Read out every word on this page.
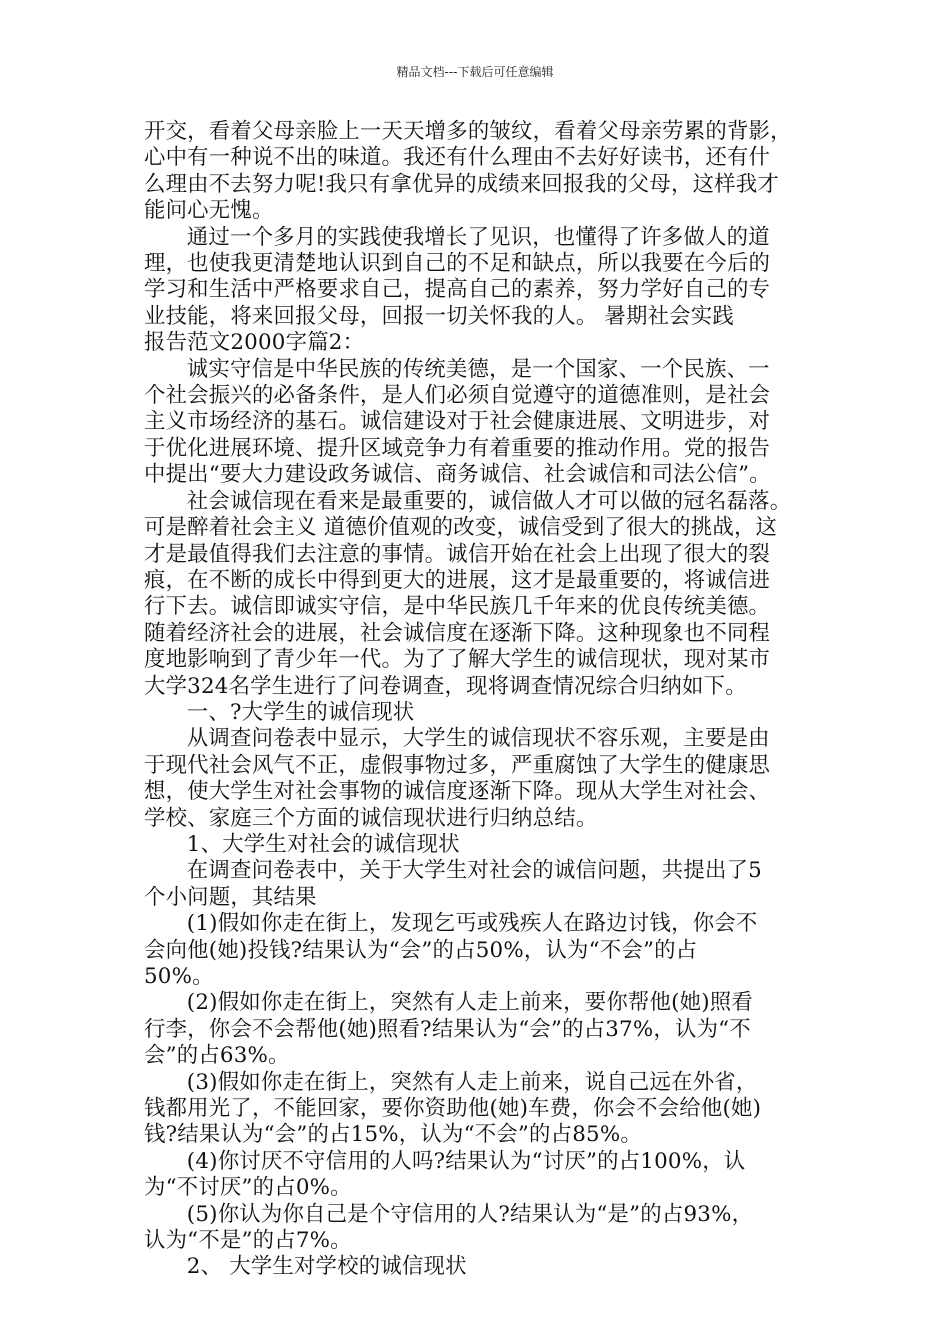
精品文档---下载后可任意编辑
开交，看着父母亲脸上一天天增多的皱纹，看着父母亲劳累的背影，
心中有一种说不出的味道。我还有什么理由不去好好读书，还有什
么理由不去努力呢!我只有拿优异的成绩来回报我的父母，这样我才
能问心无愧。
通过一个多月的实践使我增长了见识，也懂得了许多做人的道
理，也使我更清楚地认识到自己的不足和缺点，所以我要在今后的
学习和生活中严格要求自己，提高自己的素养，努力学好自己的专
业技能，将来回报父母，回报一切关怀我的人。 暑期社会实践
报告范文2000字篇2：
诚实守信是中华民族的传统美德，是一个国家、一个民族、一
个社会振兴的必备条件，是人们必须自觉遵守的道德准则，是社会
主义市场经济的基石。诚信建设对于社会健康进展、文明进步，对
于优化进展环境、提升区域竞争力有着重要的推动作用。党的报告
中提出“要大力建设政务诚信、商务诚信、社会诚信和司法公信”。
社会诚信现在看来是最重要的，诚信做人才可以做的冠名磊落。
可是醉着社会主义 道德价值观的改变，诚信受到了很大的挑战，这
才是最值得我们去注意的事情。诚信开始在社会上出现了很大的裂
痕，在不断的成长中得到更大的进展，这才是最重要的，将诚信进
行下去。诚信即诚实守信，是中华民族几千年来的优良传统美德。
随着经济社会的进展，社会诚信度在逐渐下降。这种现象也不同程
度地影响到了青少年一代。为了了解大学生的诚信现状，现对某市
大学324名学生进行了问卷调查，现将调查情况综合归纳如下。
一、?大学生的诚信现状
从调查问卷表中显示，大学生的诚信现状不容乐观，主要是由
于现代社会风气不正，虚假事物过多，严重腐蚀了大学生的健康思
想，使大学生对社会事物的诚信度逐渐下降。现从大学生对社会、
学校、家庭三个方面的诚信现状进行归纳总结。
1、大学生对社会的诚信现状
在调查问卷表中，关于大学生对社会的诚信问题，共提出了5
个小问题，其结果
(1)假如你走在街上，发现乞丐或残疾人在路边讨钱，你会不
会向他(她)投钱?结果认为“会”的占50%，认为“不会”的占
50%。
(2)假如你走在街上，突然有人走上前来，要你帮他(她)照看
行李，你会不会帮他(她)照看?结果认为“会”的占37%，认为“不
会”的占63%。
(3)假如你走在街上，突然有人走上前来，说自己远在外省，
钱都用光了，不能回家，要你资助他(她)车费，你会不会给他(她)
钱?结果认为“会”的占15%，认为“不会”的占85%。
(4)你讨厌不守信用的人吗?结果认为“讨厌”的占100%，认
为“不讨厌”的占0%。
(5)你认为你自己是个守信用的人?结果认为“是”的占93%，
认为“不是”的占7%。
2、 大学生对学校的诚信现状
